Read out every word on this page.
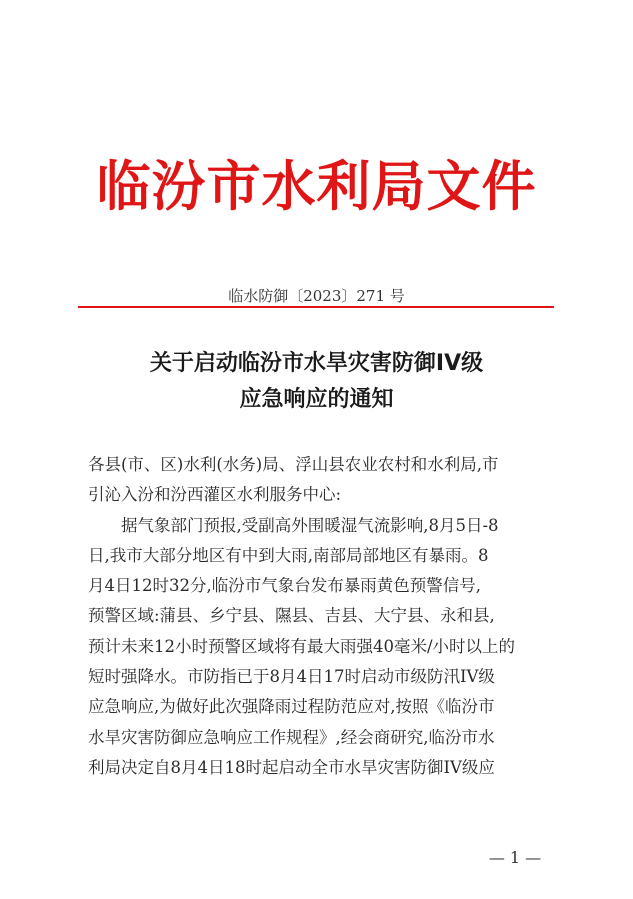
临汾市水利局文件
临水防御〔2023〕271 号
关于启动临汾市水旱灾害防御IV级
应急响应的通知
各县(市、区)水利(水务)局、浮山县农业农村和水利局,市
引沁入汾和汾西灌区水利服务中心:
　　据气象部门预报,受副高外围暖湿气流影响,8月5日-8
日,我市大部分地区有中到大雨,南部局部地区有暴雨。8
月4日12时32分,临汾市气象台发布暴雨黄色预警信号,
预警区域:蒲县、乡宁县、隰县、吉县、大宁县、永和县,
预计未来12小时预警区域将有最大雨强40毫米/小时以上的
短时强降水。市防指已于8月4日17时启动市级防汛IV级
应急响应,为做好此次强降雨过程防范应对,按照《临汾市
水旱灾害防御应急响应工作规程》,经会商研究,临汾市水
利局决定自8月4日18时起启动全市水旱灾害防御IV级应
— 1 —
